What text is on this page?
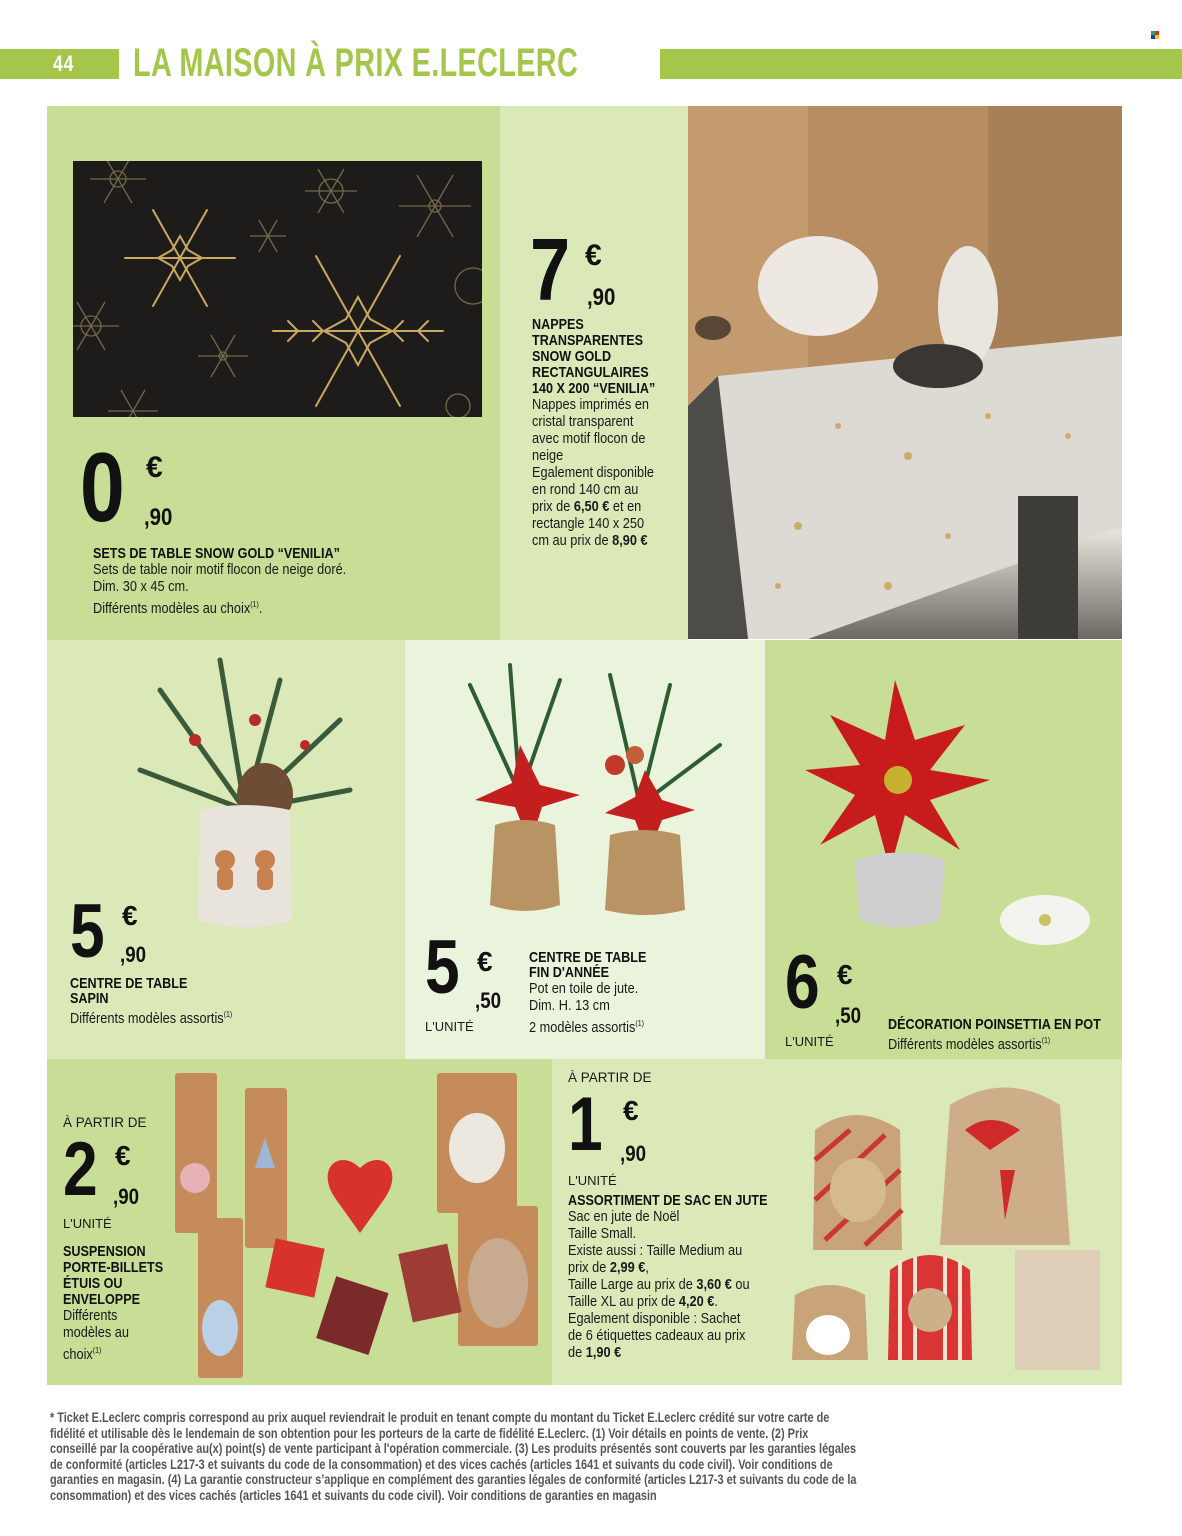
44 LA MAISON À PRIX E.LECLERC
0 €
,90
SETS DE TABLE SNOW GOLD “VENILIA”
Sets de table noir motif flocon de neige doré.
Dim. 30 x 45 cm.
Différents modèles au choix$^{(1)}$.
7 €
,90
NAPPES
TRANSPARENTES
SNOW GOLD
RECTANGULAIRES
140 X 200 “VENILIA”
Nappes imprimés en
cristal transparent
avec motif flocon de
neige
Egalement disponible
en rond 140 cm au
prix de 6,50 € et en
rectangle 140 x 250
cm au prix de 8,90 €
5 €
,90
CENTRE DE TABLE
SAPIN
Différents modèles assortis$^{(1)}$
5 €
,50
L'UNITÉ
CENTRE DE TABLE
FIN D'ANNÉE
Pot en toile de jute.
Dim. H. 13 cm
2 modèles assortis$^{(1)}$ 6 €
,50
L'UNITÉ
DÉCORATION POINSETTIA EN POT
Différents modèles assortis$^{(1)}$
À PARTIR DE
2 €
,90
L'UNITÉ
SUSPENSION
PORTE-BILLETS
ÉTUIS OU
ENVELOPPE
Différents
modèles au
choix$^{(1)}$
À PARTIR DE
1 €
,90
L'UNITÉ
ASSORTIMENT DE SAC EN JUTE
Sac en jute de Noël
Taille Small.
Existe aussi : Taille Medium au
prix de 2,99 €,
Taille Large au prix de 3,60 € ou
Taille XL au prix de 4,20 €.
Egalement disponible : Sachet
de 6 étiquettes cadeaux au prix
de 1,90 €
* Ticket E.Leclerc compris correspond au prix auquel reviendrait le produit en tenant compte du montant du Ticket E.Leclerc crédité sur votre carte de
fidélité et utilisable dès le lendemain de son obtention pour les porteurs de la carte de fidélité E.Leclerc. (1) Voir détails en points de vente. (2) Prix
conseillé par la coopérative au(x) point(s) de vente participant à l'opération commerciale. (3) Les produits présentés sont couverts par les garanties légales
de conformité (articles L217-3 et suivants du code de la consommation) et des vices cachés (articles 1641 et suivants du code civil). Voir conditions de
garanties en magasin. (4) La garantie constructeur s’applique en complément des garanties légales de conformité (articles L217-3 et suivants du code de la
consommation) et des vices cachés (articles 1641 et suivants du code civil). Voir conditions de garanties en magasin
